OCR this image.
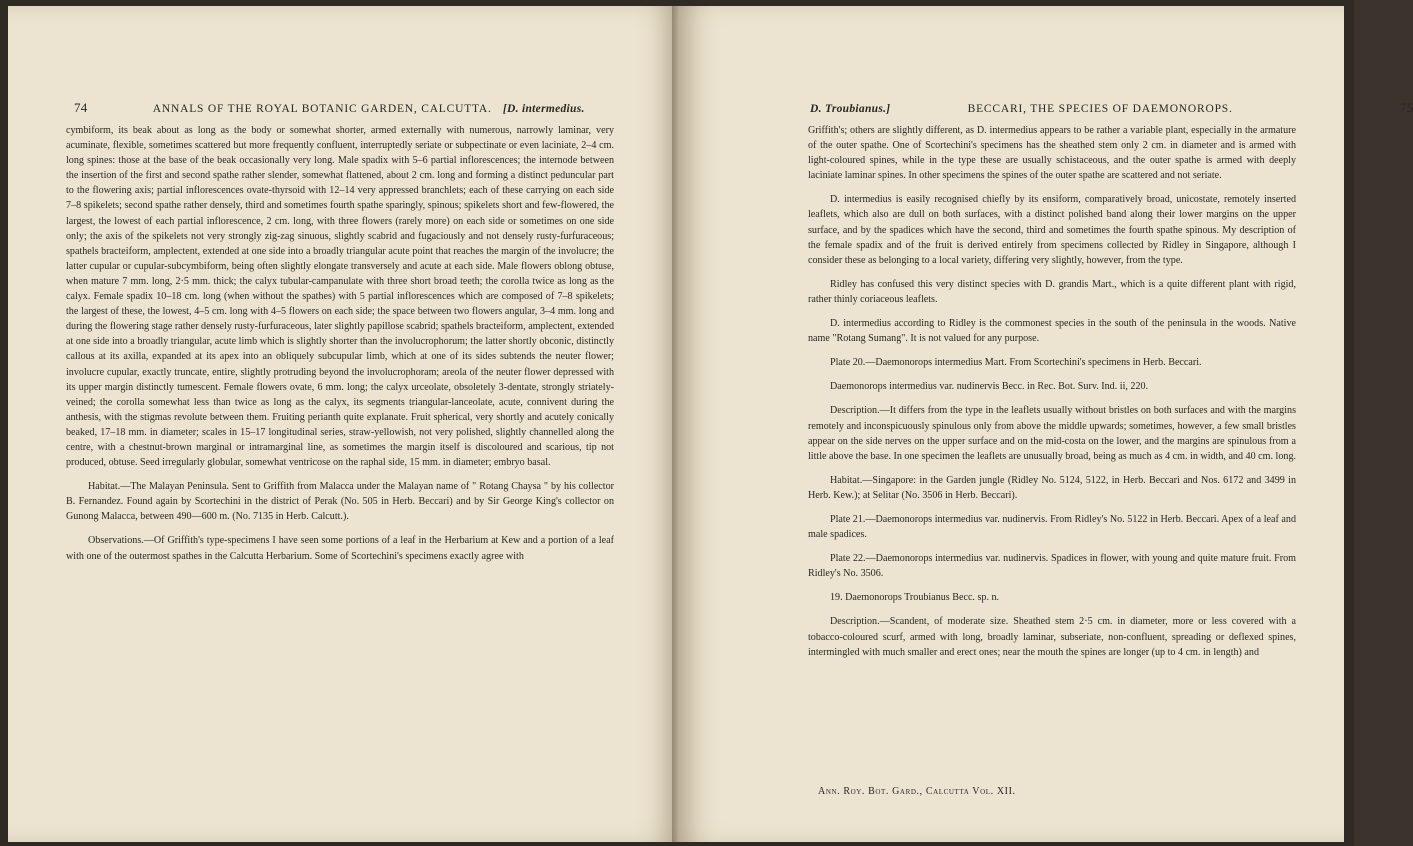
74	ANNALS OF THE ROYAL BOTANIC GARDEN, CALCUTTA. [D. intermedius.

cymbiform, its beak about as long as the body or somewhat shorter, armed externally with numerous, narrowly laminar, very acuminate, flexible, sometimes scattered but more frequently confluent, interruptedly seriate or subpectinate or even laciniate, 2–4 cm. long spines: those at the base of the beak occasionally very long. Male spadix with 5–6 partial inflorescences; the internode between the insertion of the first and second spathe rather slender, somewhat flattened, about 2 cm. long and forming a distinct peduncular part to the flowering axis; partial inflorescences ovate-thyrsoid with 12–14 very appressed branchlets; each of these carrying on each side 7–8 spikelets; second spathe rather densely, third and sometimes fourth spathe sparingly, spinous; spikelets short and few-flowered, the largest, the lowest of each partial inflorescence, 2 cm. long, with three flowers (rarely more) on each side or sometimes on one side only; the axis of the spikelets not very strongly zig-zag sinuous, slightly scabrid and fugaciously and not densely rusty-furfuraceous; spathels bracteiform, amplectent, extended at one side into a broadly triangular acute point that reaches the margin of the involucre; the latter cupular or cupular-subcymbiform, being often slightly elongate transversely and acute at each side. Male flowers oblong obtuse, when mature 7 mm. long, 2·5 mm. thick; the calyx tubular-campanulate with three short broad teeth; the corolla twice as long as the calyx. Female spadix 10–18 cm. long (when without the spathes) with 5 partial inflorescences which are composed of 7–8 spikelets; the largest of these, the lowest, 4–5 cm. long with 4–5 flowers on each side; the space between two flowers angular, 3–4 mm. long and during the flowering stage rather densely rusty-furfuraceous, later slightly papillose scabrid; spathels bracteiform, amplectent, extended at one side into a broadly triangular, acute limb which is slightly shorter than the involucrophorum; the latter shortly obconic, distinctly callous at its axilla, expanded at its apex into an obliquely subcupular limb, which at one of its sides subtends the neuter flower; involucre cupular, exactly truncate, entire, slightly protruding beyond the involucrophoram; areola of the neuter flower depressed with its upper margin distinctly tumescent. Female flowers ovate, 6 mm. long; the calyx urceolate, obsoletely 3-dentate, strongly striately-veined; the corolla somewhat less than twice as long as the calyx, its segments triangular-lanceolate, acute, connivent during the anthesis, with the stigmas revolute between them. Fruiting perianth quite explanate. Fruit spherical, very shortly and acutely conically beaked, 17–18 mm. in diameter; scales in 15–17 longitudinal series, straw-yellowish, not very polished, slightly channelled along the centre, with a chestnut-brown marginal or intramarginal line, as sometimes the margin itself is discoloured and scarious, tip not produced, obtuse. Seed irregularly globular, somewhat ventricose on the raphal side, 15 mm. in diameter; embryo basal.

Habitat.—The Malayan Peninsula. Sent to Griffith from Malacca under the Malayan name of " Rotang Chaysa " by his collector B. Fernandez. Found again by Scortechini in the district of Perak (No. 505 in Herb. Beccari) and by Sir George King's collector on Gunong Malacca, between 490—600 m. (No. 7135 in Herb. Calcutt.).

Observations.—Of Griffith's type-specimens I have seen some portions of a leaf in the Herbarium at Kew and a portion of a leaf with one of the outermost spathes in the Calcutta Herbarium. Some of Scortechini's specimens exactly agree with

D. Troubianus.]	BECCARI, THE SPECIES OF DAEMONOROPS.	75

Griffith's; others are slightly different, as D. intermedius appears to be rather a variable plant, especially in the armature of the outer spathe. One of Scortechini's specimens has the sheathed stem only 2 cm. in diameter and is armed with light-coloured spines, while in the type these are usually schistaceous, and the outer spathe is armed with deeply laciniate laminar spines. In other specimens the spines of the outer spathe are scattered and not seriate.

D. intermedius is easily recognised chiefly by its ensiform, comparatively broad, unicostate, remotely inserted leaflets, which also are dull on both surfaces, with a distinct polished band along their lower margins on the upper surface, and by the spadices which have the second, third and sometimes the fourth spathe spinous. My description of the female spadix and of the fruit is derived entirely from specimens collected by Ridley in Singapore, although I consider these as belonging to a local variety, differing very slightly, however, from the type.

Ridley has confused this very distinct species with D. grandis Mart., which is a quite different plant with rigid, rather thinly coriaceous leaflets.

D. intermedius according to Ridley is the commonest species in the south of the peninsula in the woods. Native name "Rotang Sumang". It is not valued for any purpose.

Plate 20.—Daemonorops intermedius Mart. From Scortechini's specimens in Herb. Beccari.

Daemonorops intermedius var. nudinervis Becc. in Rec. Bot. Surv. Ind. ii, 220.

Description.—It differs from the type in the leaflets usually without bristles on both surfaces and with the margins remotely and inconspicuously spinulous only from above the middle upwards; sometimes, however, a few small bristles appear on the side nerves on the upper surface and on the mid-costa on the lower, and the margins are spinulous from a little above the base. In one specimen the leaflets are unusually broad, being as much as 4 cm. in width, and 40 cm. long.

Habitat.—Singapore: in the Garden jungle (Ridley No. 5124, 5122, in Herb. Beccari and Nos. 6172 and 3499 in Herb. Kew.); at Selitar (No. 3506 in Herb. Beccari).

Plate 21.—Daemonorops intermedius var. nudinervis. From Ridley's No. 5122 in Herb. Beccari. Apex of a leaf and male spadices.

Plate 22.—Daemonorops intermedius var. nudinervis. Spadices in flower, with young and quite mature fruit. From Ridley's No. 3506.

19. Daemonorops Troubianus Becc. sp. n.

Description.—Scandent, of moderate size. Sheathed stem 2·5 cm. in diameter, more or less covered with a tobacco-coloured scurf, armed with long, broadly laminar, subseriate, non-confluent, spreading or deflexed spines, intermingled with much smaller and erect ones; near the mouth the spines are longer (up to 4 cm. in length) and

Ann. Roy. Bot. Gard., Calcutta Vol. XII.
